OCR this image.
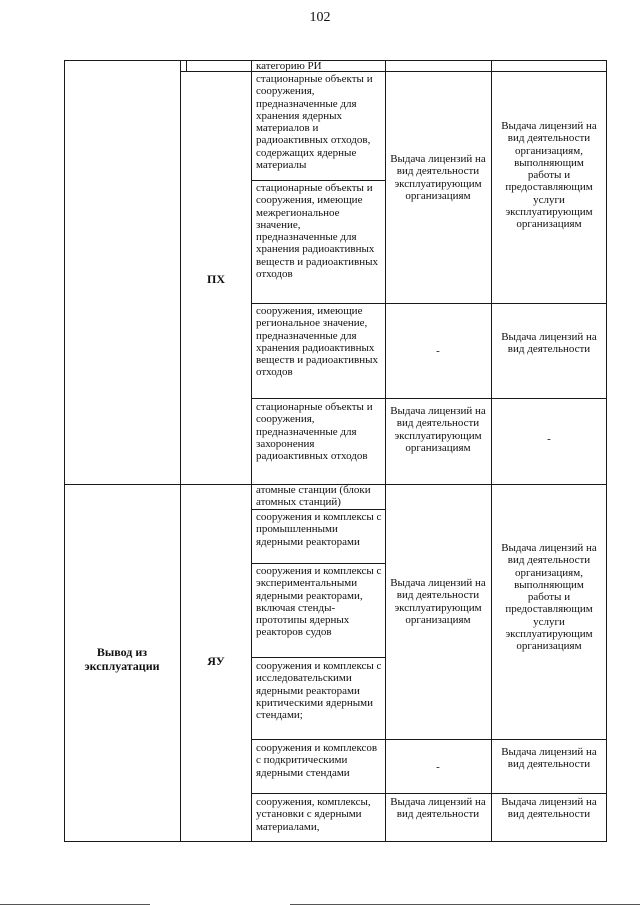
102
Вывод из эксплуатации
ПХ
ЯУ
категорию РИ
стационарные объекты и сооружения, предназначенные для хранения ядерных материалов и радиоактивных отходов, содержащих ядерные материалы
стационарные объекты и сооружения, имеющие межрегиональное значение, предназначенные для хранения радиоактивных веществ и радиоактивных отходов
сооружения, имеющие региональное значение, предназначенные для хранения радиоактивных веществ и радиоактивных отходов
стационарные объекты и сооружения, предназначенные для захоронения радиоактивных отходов
атомные станции (блоки атомных станций)
сооружения и комплексы с промышленными ядерными реакторами
сооружения и комплексы с экспериментальными ядерными реакторами, включая стенды-прототипы ядерных реакторов судов
сооружения и комплексы с исследовательскими ядерными реакторами критическими ядерными стендами;
сооружения и комплексов с подкритическими ядерными стендами
сооружения, комплексы, установки с ядерными материалами,
Выдача лицензий на вид деятельности эксплуатирующим организациям
-
Выдача лицензий на вид деятельности эксплуатирующим организациям
Выдача лицензий на вид деятельности эксплуатирующим организациям
-
Выдача лицензий на вид деятельности
Выдача лицензий на вид деятельности организациям, выполняющим работы и предоставляющим услуги эксплуатирующим организациям
Выдача лицензий на вид деятельности
-
Выдача лицензий на вид деятельности организациям, выполняющим работы и предоставляющим услуги эксплуатирующим организациям
Выдача лицензий на вид деятельности
Выдача лицензий на вид деятельности
